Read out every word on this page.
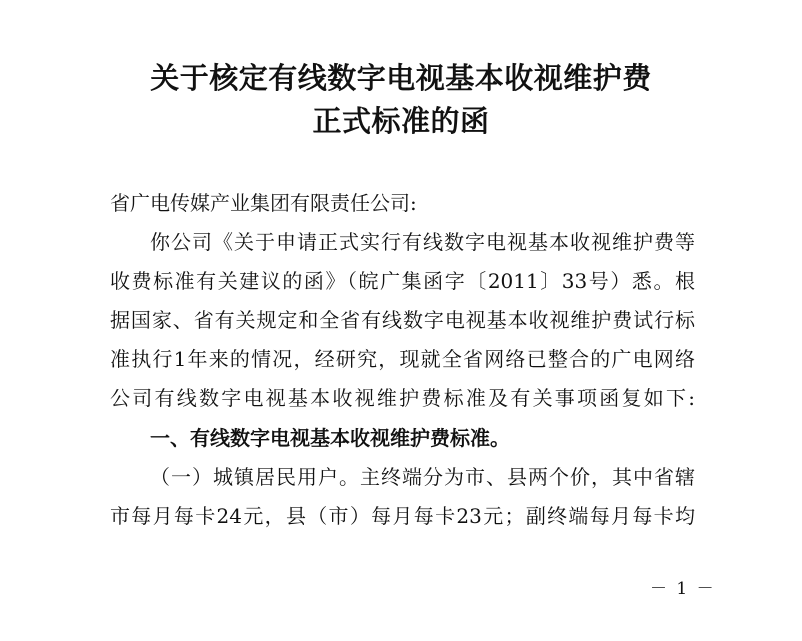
关于核定有线数字电视基本收视维护费
正式标准的函
省广电传媒产业集团有限责任公司:
你公司《关于申请正式实行有线数字电视基本收视维护费等
收费标准有关建议的函》（皖广集函字〔2011〕33号）悉。根
据国家、省有关规定和全省有线数字电视基本收视维护费试行标
准执行1年来的情况，经研究，现就全省网络已整合的广电网络
公司有线数字电视基本收视维护费标准及有关事项函复如下:
一、有线数字电视基本收视维护费标准。
（一）城镇居民用户。主终端分为市、县两个价，其中省辖
市每月每卡24元，县（市）每月每卡23元；副终端每月每卡均
－ 1 －
